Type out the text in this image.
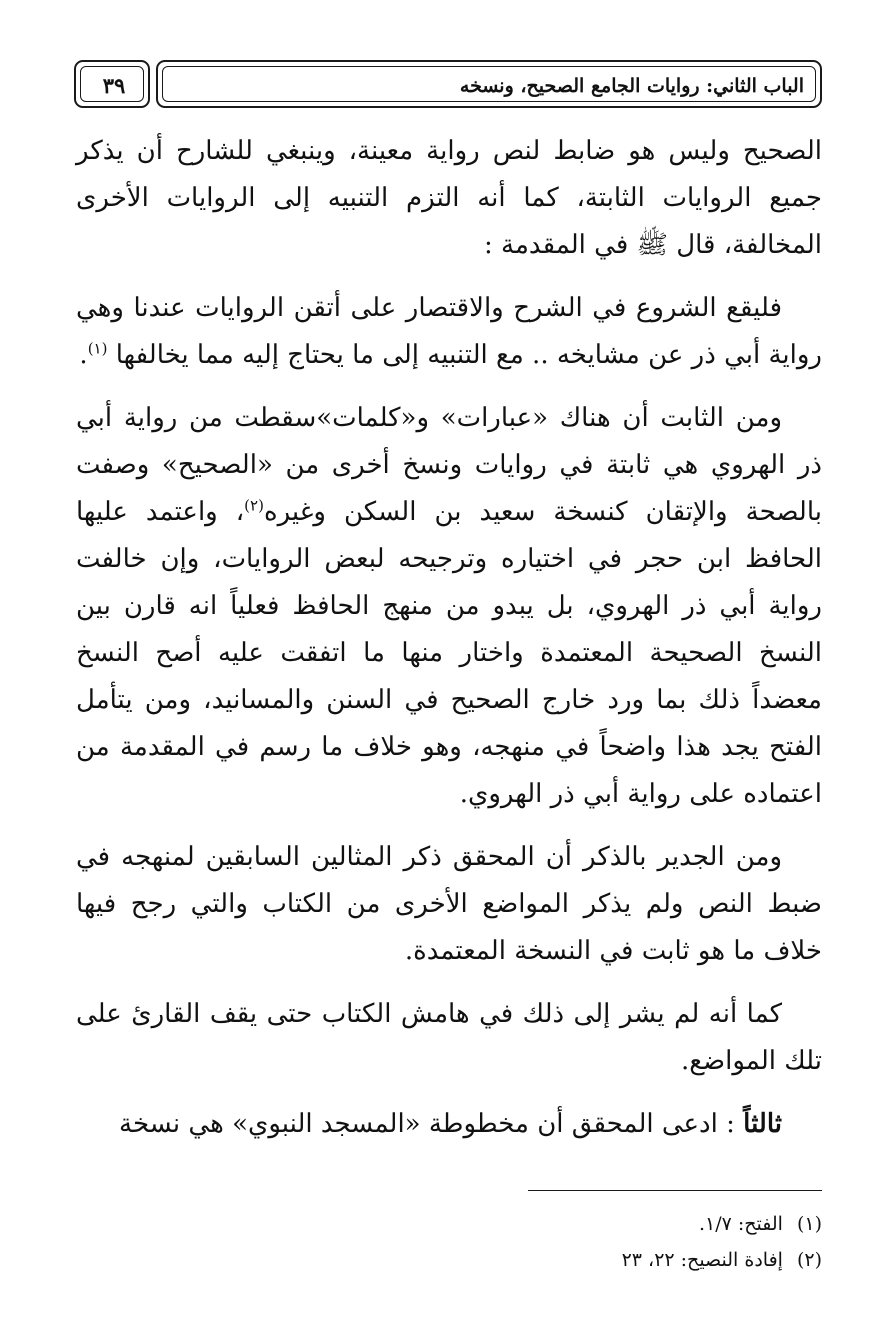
الباب الثاني: روايات الجامع الصحيح، ونسخه
٣٩

الصحيح وليس هو ضابط لنص رواية معينة، وينبغي للشارح أن يذكر جميع الروايات الثابتة، كما أنه التزم التنبيه إلى الروايات الأخرى المخالفة، قال ﷺ في المقدمة :

فليقع الشروع في الشرح والاقتصار على أتقن الروايات عندنا وهي رواية أبي ذر عن مشايخه .. مع التنبيه إلى ما يحتاج إليه مما يخالفها $^{(١)}$.

ومن الثابت أن هناك «عبارات» و«كلمات»سقطت من رواية أبي ذر الهروي هي ثابتة في روايات ونسخ أخرى من «الصحيح» وصفت بالصحة والإتقان كنسخة سعيد بن السكن وغيره$^{(٢)}$، واعتمد عليها الحافظ ابن حجر في اختياره وترجيحه لبعض الروايات، وإن خالفت رواية أبي ذر الهروي، بل يبدو من منهج الحافظ فعلياً انه قارن بين النسخ الصحيحة المعتمدة واختار منها ما اتفقت عليه أصح النسخ معضداً ذلك بما ورد خارج الصحيح في السنن والمسانيد، ومن يتأمل الفتح يجد هذا واضحاً في منهجه، وهو خلاف ما رسم في المقدمة من اعتماده على رواية أبي ذر الهروي.

ومن الجدير بالذكر أن المحقق ذكر المثالين السابقين لمنهجه في ضبط النص ولم يذكر المواضع الأخرى من الكتاب والتي رجح فيها خلاف ما هو ثابت في النسخة المعتمدة.

كما أنه لم يشر إلى ذلك في هامش الكتاب حتى يقف القارئ على تلك المواضع.

ثالثاً : ادعى المحقق أن مخطوطة «المسجد النبوي» هي نسخة

(١)الفتح: ١/٧.
(٢)إفادة النصيح: ٢٢، ٢٣
